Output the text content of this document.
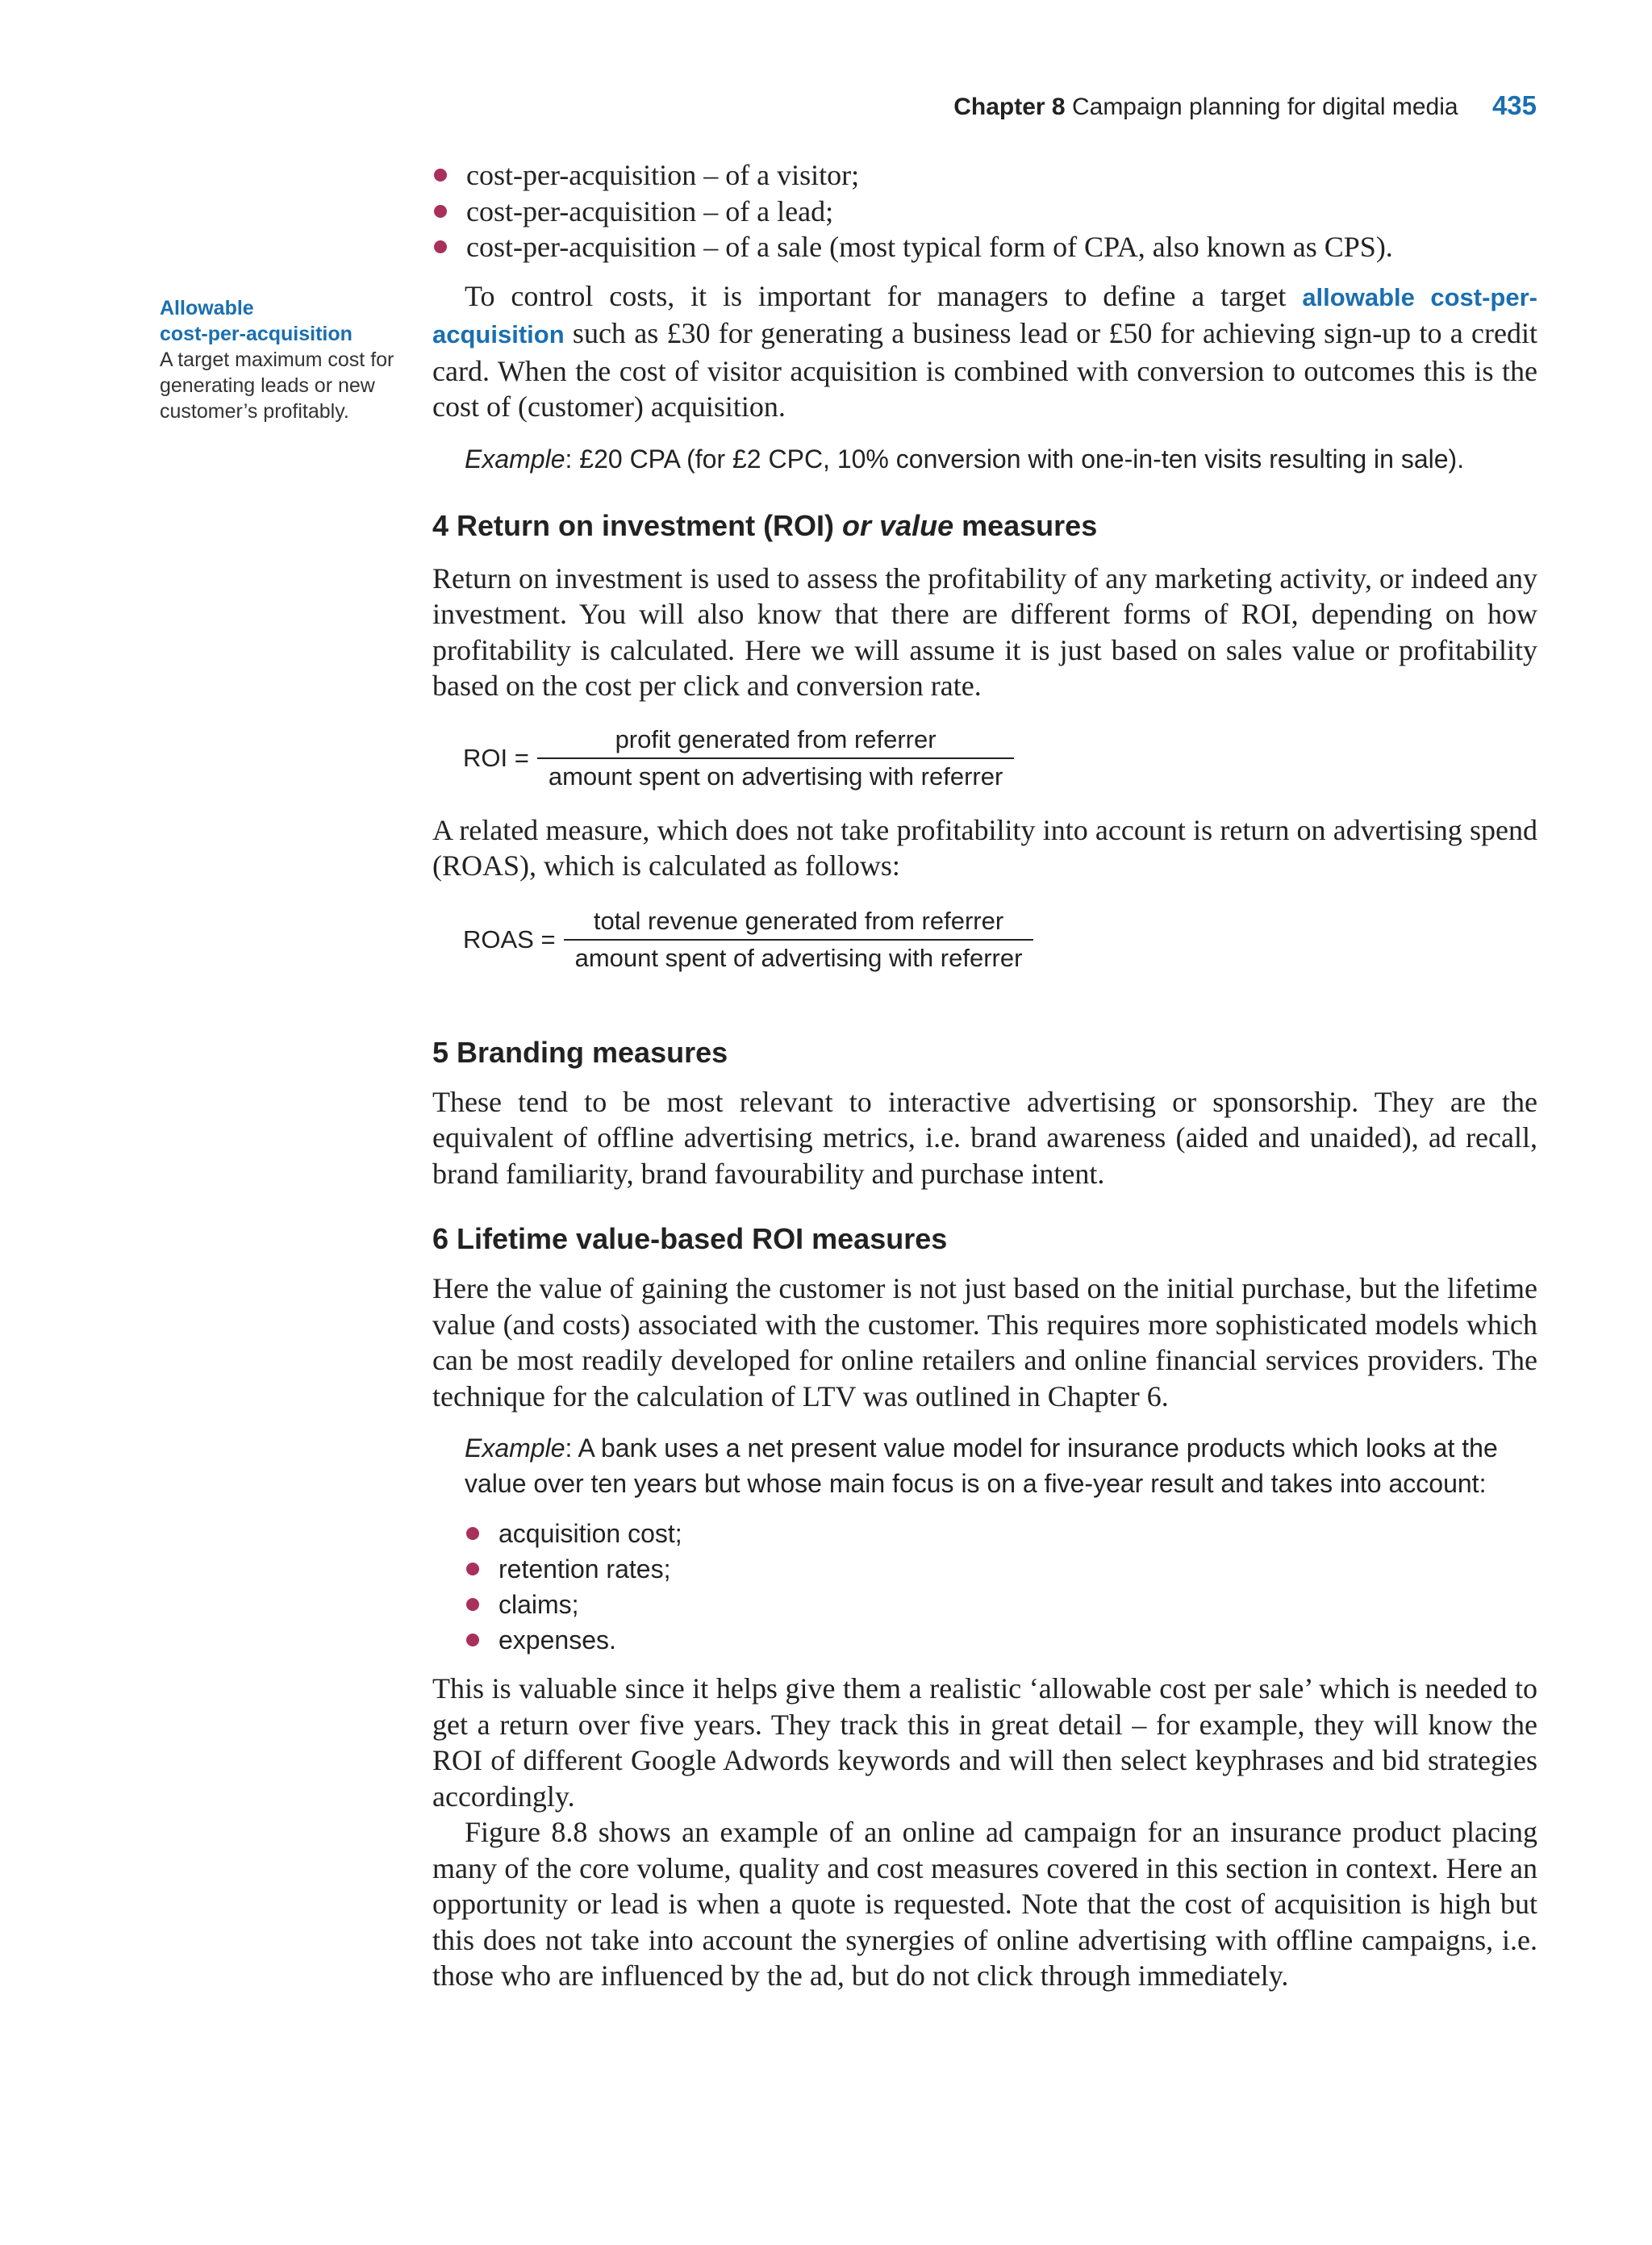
Chapter 8 Campaign planning for digital media 435
Allowable
cost-per-acquisition
A target maximum cost for generating leads or new customer’s profitably.
cost-per-acquisition – of a visitor;
cost-per-acquisition – of a lead;
cost-per-acquisition – of a sale (most typical form of CPA, also known as CPS).

To control costs, it is important for managers to define a target allowable cost-per-acquisition such as £30 for generating a business lead or £50 for achieving sign-up to a credit card. When the cost of visitor acquisition is combined with conversion to outcomes this is the cost of (customer) acquisition.

Example: £20 CPA (for £2 CPC, 10% conversion with one-in-ten visits resulting in sale).
4 Return on investment (ROI) or value measures

Return on investment is used to assess the profitability of any marketing activity, or indeed any investment. You will also know that there are different forms of ROI, depending on how profitability is calculated. Here we will assume it is just based on sales value or profitability based on the cost per click and conversion rate.

ROI = $\frac{\text{profit generated from referrer}}{\text{amount spent on advertising with referrer}}$

A related measure, which does not take profitability into account is return on advertising spend (ROAS), which is calculated as follows:

ROAS = $\frac{\text{total revenue generated from referrer}}{\text{amount spent of advertising with referrer}}$
5 Branding measures

These tend to be most relevant to interactive advertising or sponsorship. They are the equivalent of offline advertising metrics, i.e. brand awareness (aided and unaided), ad recall, brand familiarity, brand favourability and purchase intent.

6 Lifetime value-based ROI measures

Here the value of gaining the customer is not just based on the initial purchase, but the lifetime value (and costs) associated with the customer. This requires more sophisticated models which can be most readily developed for online retailers and online financial services providers. The technique for the calculation of LTV was outlined in Chapter 6.

Example: A bank uses a net present value model for insurance products which looks at the value over ten years but whose main focus is on a five-year result and takes into account:
acquisition cost;
retention rates;
claims;
expenses.

This is valuable since it helps give them a realistic ‘allowable cost per sale’ which is needed to get a return over five years. They track this in great detail – for example, they will know the ROI of different Google Adwords keywords and will then select keyphrases and bid strategies accordingly.

Figure 8.8 shows an example of an online ad campaign for an insurance product placing many of the core volume, quality and cost measures covered in this section in context. Here an opportunity or lead is when a quote is requested. Note that the cost of acquisition is high but this does not take into account the synergies of online advertising with offline campaigns, i.e. those who are influenced by the ad, but do not click through immediately.
